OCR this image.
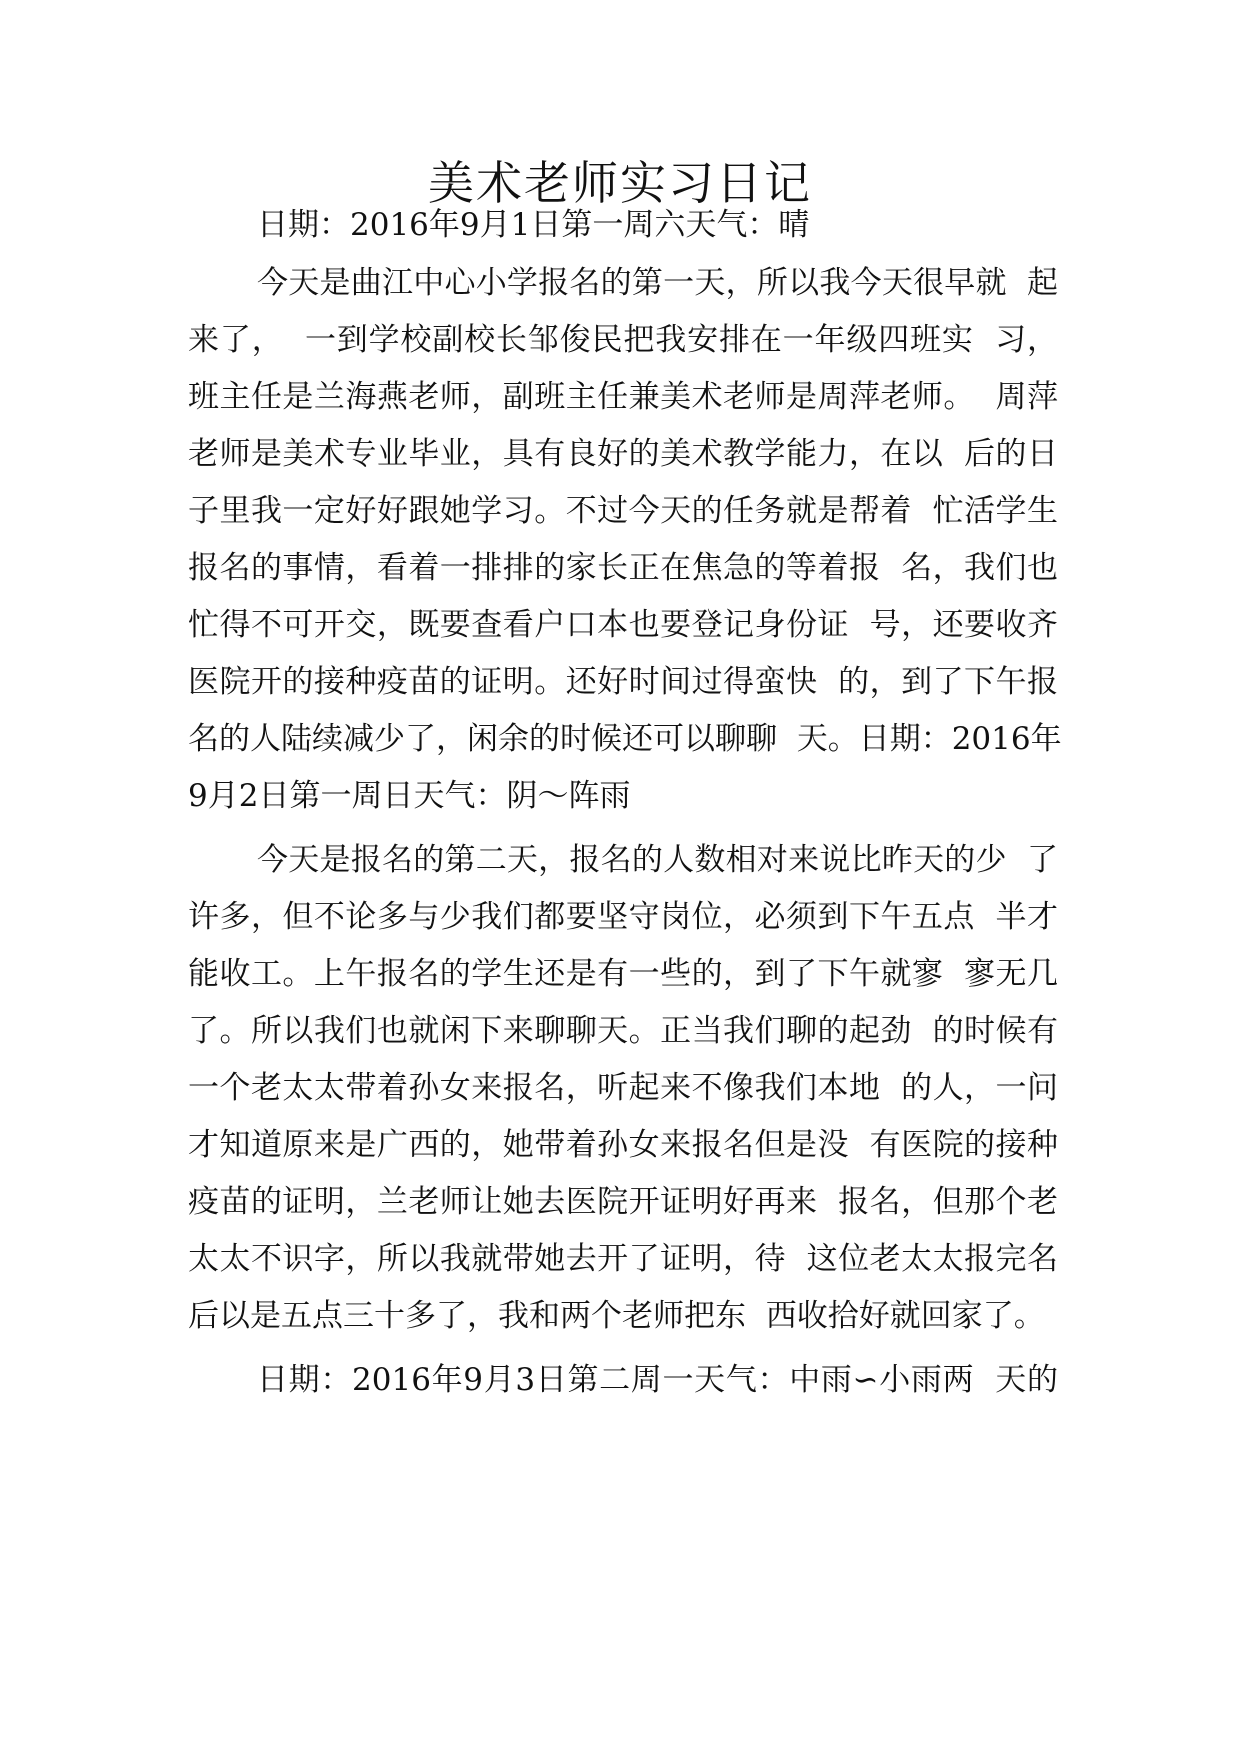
美术老师实习日记
日期：2016年9月1日第一周六天气：晴
今天是曲江中心小学报名的第一天，所以我今天很早就  起
来了，  一到学校副校长邹俊民把我安排在一年级四班实  习，
班主任是兰海燕老师，副班主任兼美术老师是周萍老师。  周萍
老师是美术专业毕业，具有良好的美术教学能力，在以  后的日
子里我一定好好跟她学习。不过今天的任务就是帮着  忙活学生
报名的事情，看着一排排的家长正在焦急的等着报  名，我们也
忙得不可开交，既要查看户口本也要登记身份证  号，还要收齐
医院开的接种疫苗的证明。还好时间过得蛮快  的，到了下午报
名的人陆续减少了，闲余的时候还可以聊聊  天。日期：2016年
9月2日第一周日天气：阴～阵雨
今天是报名的第二天，报名的人数相对来说比昨天的少  了
许多，但不论多与少我们都要坚守岗位，必须到下午五点  半才
能收工。上午报名的学生还是有一些的，到了下午就寥  寥无几
了。所以我们也就闲下来聊聊天。正当我们聊的起劲  的时候有
一个老太太带着孙女来报名，听起来不像我们本地  的人，一问
才知道原来是广西的，她带着孙女来报名但是没  有医院的接种
疫苗的证明，兰老师让她去医院开证明好再来  报名，但那个老
太太不识字，所以我就带她去开了证明，待  这位老太太报完名
后以是五点三十多了，我和两个老师把东  西收拾好就回家了。
日期：2016年9月3日第二周一天气：中雨∽小雨两  天的
